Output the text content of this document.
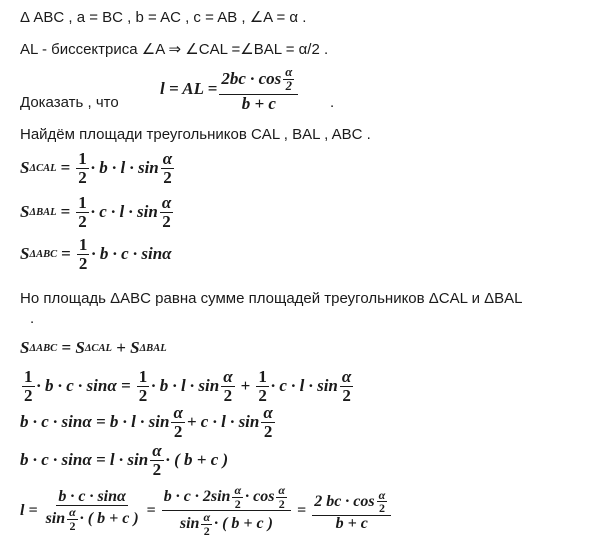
Δ ABC , a = BC , b = AC , c = AB , ∠A = α .
AL - биссектриса ∠A ⇒ ∠CAL =∠BAL = α/2 .
Доказать , что
l = AL = $\frac{2bc \cdot \cos \frac{\alpha}{2}}{b + c}$ .
Найдём площади треугольников CAL , BAL , ABC .
S $\Delta CAL = \frac{1}{2} \cdot b \cdot l \cdot \sin \frac{\alpha}{2}$
S $\Delta BAL = \frac{1}{2} \cdot c \cdot l \cdot \sin \frac{\alpha}{2}$
S $\Delta ABC = \frac{1}{2} \cdot b \cdot c \cdot \sin\alpha$
Но площадь ΔABC равна сумме площадей треугольников ΔCAL и ΔBAL
.
S ΔABC = S ΔCAL + S ΔBAL
$\frac{1}{2} \cdot b \cdot c \cdot \sin\alpha = \frac{1}{2} \cdot b \cdot l \cdot \sin \frac{\alpha}{2} + \frac{1}{2} \cdot c \cdot l \cdot \sin \frac{\alpha}{2}$
$b \cdot c \cdot \sin\alpha = b \cdot l \cdot \sin \frac{\alpha}{2} + c \cdot l \cdot \sin \frac{\alpha}{2}$
$b \cdot c \cdot \sin\alpha = l \cdot \sin \frac{\alpha}{2}$ · ( b + c )
$l = \frac{b \cdot c \cdot \sin\alpha}{\sin \frac{\alpha}{2} \cdot ( b + c )} = \frac{b \cdot c \cdot 2\sin \frac{\alpha}{2} \cdot \cos \frac{\alpha}{2}}{\sin \frac{\alpha}{2} \cdot ( b + c )} = \frac{2 bc \cdot \cos \frac{\alpha}{2}}{b + c}$
